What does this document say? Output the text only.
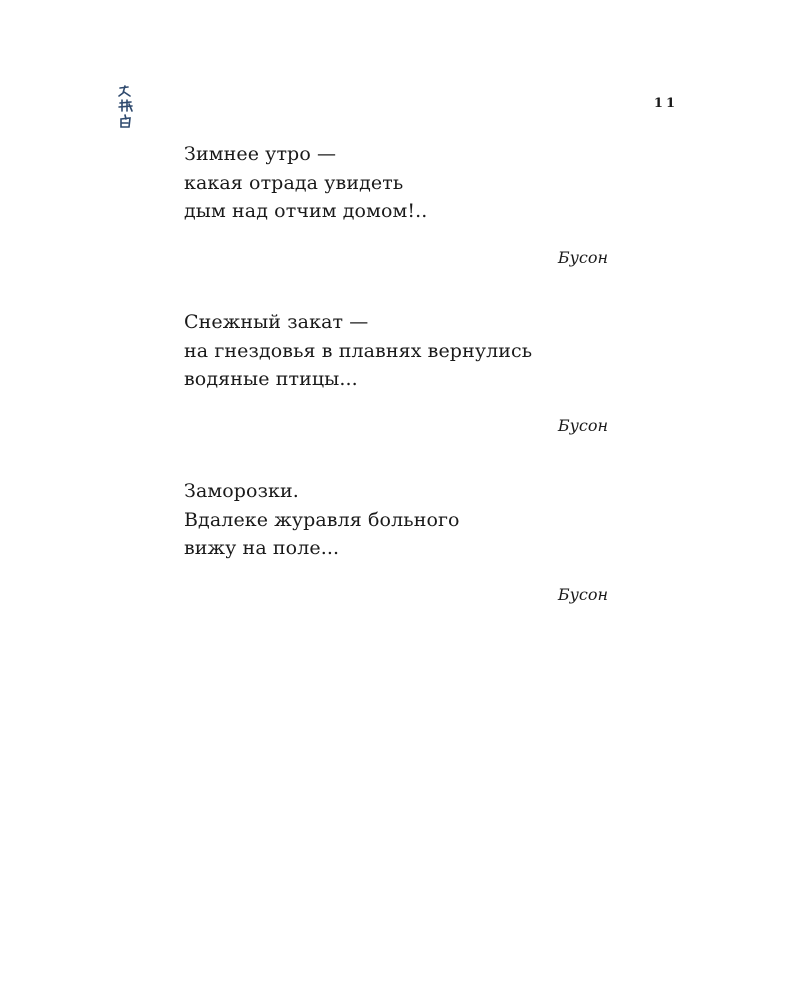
11
Зимнее утро —
какая отрада увидеть
дым над отчим домом!..
Бусон
Снежный закат —
на гнездовья в плавнях вернулись
водяные птицы...
Бусон
Заморозки.
Вдалеке журавля больного
вижу на поле...
Бусон
